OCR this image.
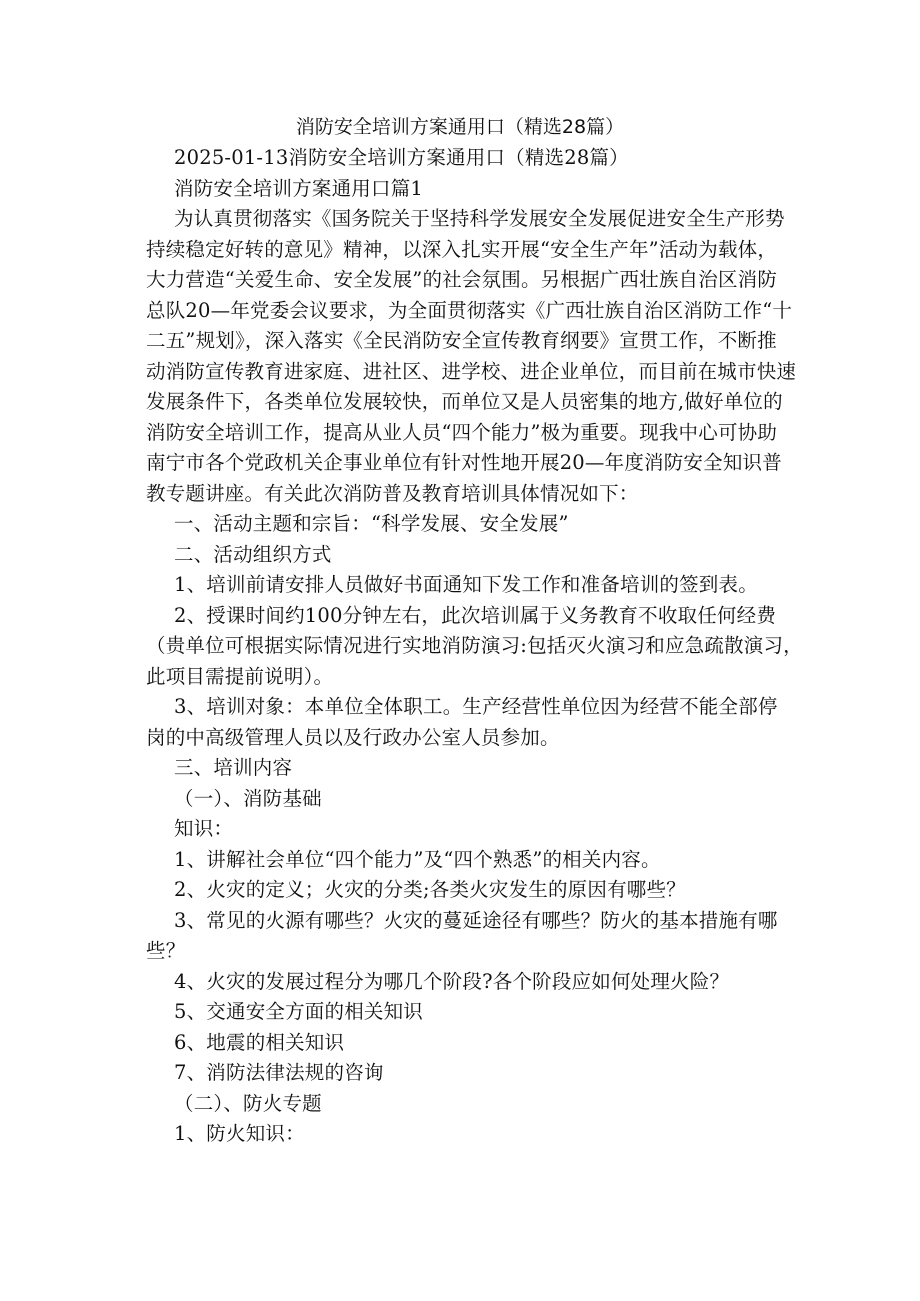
消防安全培训方案通用口（精选28篇）
2025-01-13消防安全培训方案通用口（精选28篇）
消防安全培训方案通用口篇1
为认真贯彻落实《国务院关于坚持科学发展安全发展促进安全生产形势
持续稳定好转的意见》精神，以深入扎实开展“安全生产年”活动为载体，
大力营造“关爱生命、安全发展”的社会氛围。另根据广西壮族自治区消防
总队20—年党委会议要求，为全面贯彻落实《广西壮族自治区消防工作“十
二五”规划》，深入落实《全民消防安全宣传教育纲要》宣贯工作，不断推
动消防宣传教育进家庭、进社区、进学校、进企业单位，而目前在城市快速
发展条件下，各类单位发展较快，而单位又是人员密集的地方,做好单位的
消防安全培训工作，提高从业人员“四个能力”极为重要。现我中心可协助
南宁市各个党政机关企事业单位有针对性地开展20—年度消防安全知识普
教专题讲座。有关此次消防普及教育培训具体情况如下：
一、活动主题和宗旨：“科学发展、安全发展”
二、活动组织方式
1、培训前请安排人员做好书面通知下发工作和准备培训的签到表。
2、授课时间约100分钟左右，此次培训属于义务教育不收取任何经费
（贵单位可根据实际情况进行实地消防演习:包括灭火演习和应急疏散演习，
此项目需提前说明）。
3、培训对象：本单位全体职工。生产经营性单位因为经营不能全部停
岗的中高级管理人员以及行政办公室人员参加。
三、培训内容
（一）、消防基础
知识：
1、讲解社会单位“四个能力”及“四个熟悉”的相关内容。
2、火灾的定义；火灾的分类;各类火灾发生的原因有哪些？
3、常见的火源有哪些？火灾的蔓延途径有哪些？防火的基本措施有哪
些？
4、火灾的发展过程分为哪几个阶段?各个阶段应如何处理火险？
5、交通安全方面的相关知识
6、地震的相关知识
7、消防法律法规的咨询
（二）、防火专题
1、防火知识：
